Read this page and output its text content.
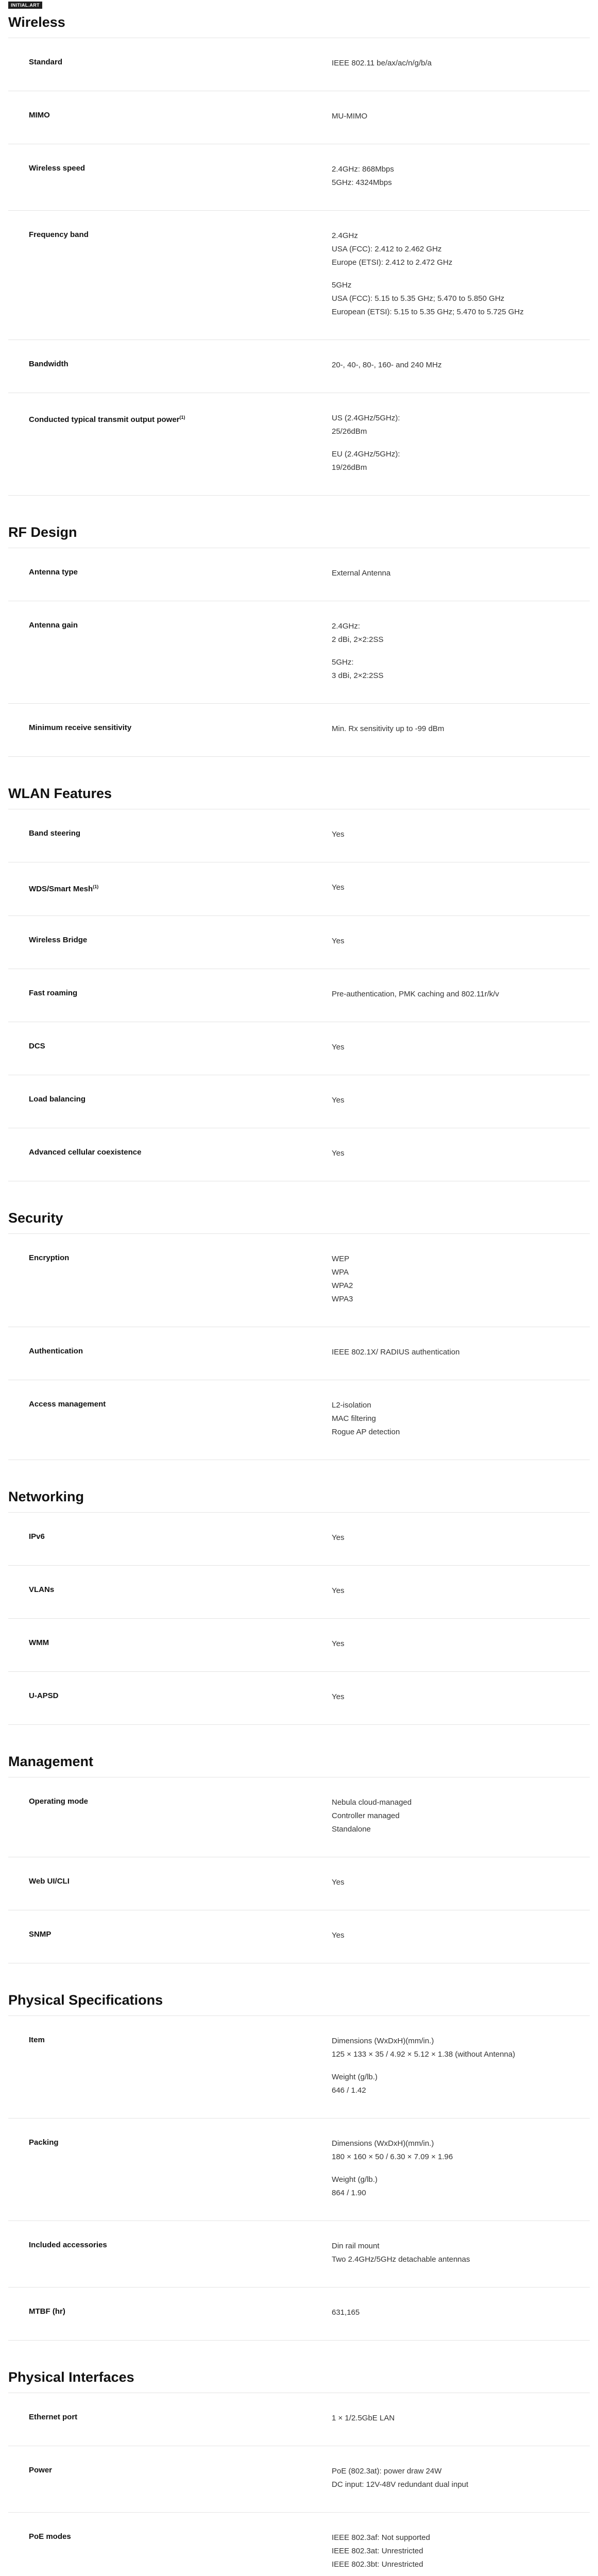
INITIAL.ART
Wireless
Standard	IEEE 802.11 be/ax/ac/n/g/b/a
MIMO	MU-MIMO
Wireless speed	2.4GHz: 868Mbps
5GHz: 4324Mbps
Frequency band	2.4GHz
USA (FCC): 2.412 to 2.462 GHz
Europe (ETSI): 2.412 to 2.472 GHz
5GHz
USA (FCC): 5.15 to 5.35 GHz; 5.470 to 5.850 GHz
European (ETSI): 5.15 to 5.35 GHz; 5.470 to 5.725 GHz
Bandwidth	20-, 40-, 80-, 160- and 240 MHz
Conducted typical transmit output power$^{(1)}$	US (2.4GHz/5GHz):
25/26dBm
EU (2.4GHz/5GHz):
19/26dBm
RF Design
Antenna type	External Antenna
Antenna gain	2.4GHz:
2 dBi, 2×2:2SS
5GHz:
3 dBi, 2×2:2SS
Minimum receive sensitivity	Min. Rx sensitivity up to -99 dBm
WLAN Features
Band steering	Yes
WDS/Smart Mesh$^{(1)}$	Yes
Wireless Bridge	Yes
Fast roaming	Pre-authentication, PMK caching and 802.11r/k/v
DCS	Yes
Load balancing	Yes
Advanced cellular coexistence	Yes
Security
Encryption	WEP
WPA
WPA2
WPA3
Authentication	IEEE 802.1X/ RADIUS authentication
Access management	L2-isolation
MAC filtering
Rogue AP detection
Networking
IPv6	Yes
VLANs	Yes
WMM	Yes
U-APSD	Yes
Management
Operating mode	Nebula cloud-managed
Controller managed
Standalone
Web UI/CLI	Yes
SNMP	Yes
Physical Specifications
Item	Dimensions (WxDxH)(mm/in.)
125 × 133 × 35 / 4.92 × 5.12 × 1.38 (without Antenna)
Weight (g/lb.)
646 / 1.42
Packing	Dimensions (WxDxH)(mm/in.)
180 × 160 × 50 / 6.30 × 7.09 × 1.96
Weight (g/lb.)
864 / 1.90
Included accessories	Din rail mount
Two 2.4GHz/5GHz detachable antennas
MTBF (hr)	631,165
Physical Interfaces
Ethernet port	1 × 1/2.5GbE LAN
Power	PoE (802.3at): power draw 24W
DC input: 12V-48V redundant dual input
PoE modes	IEEE 802.3af: Not supported
IEEE 802.3at: Unrestricted
IEEE 802.3bt: Unrestricted
